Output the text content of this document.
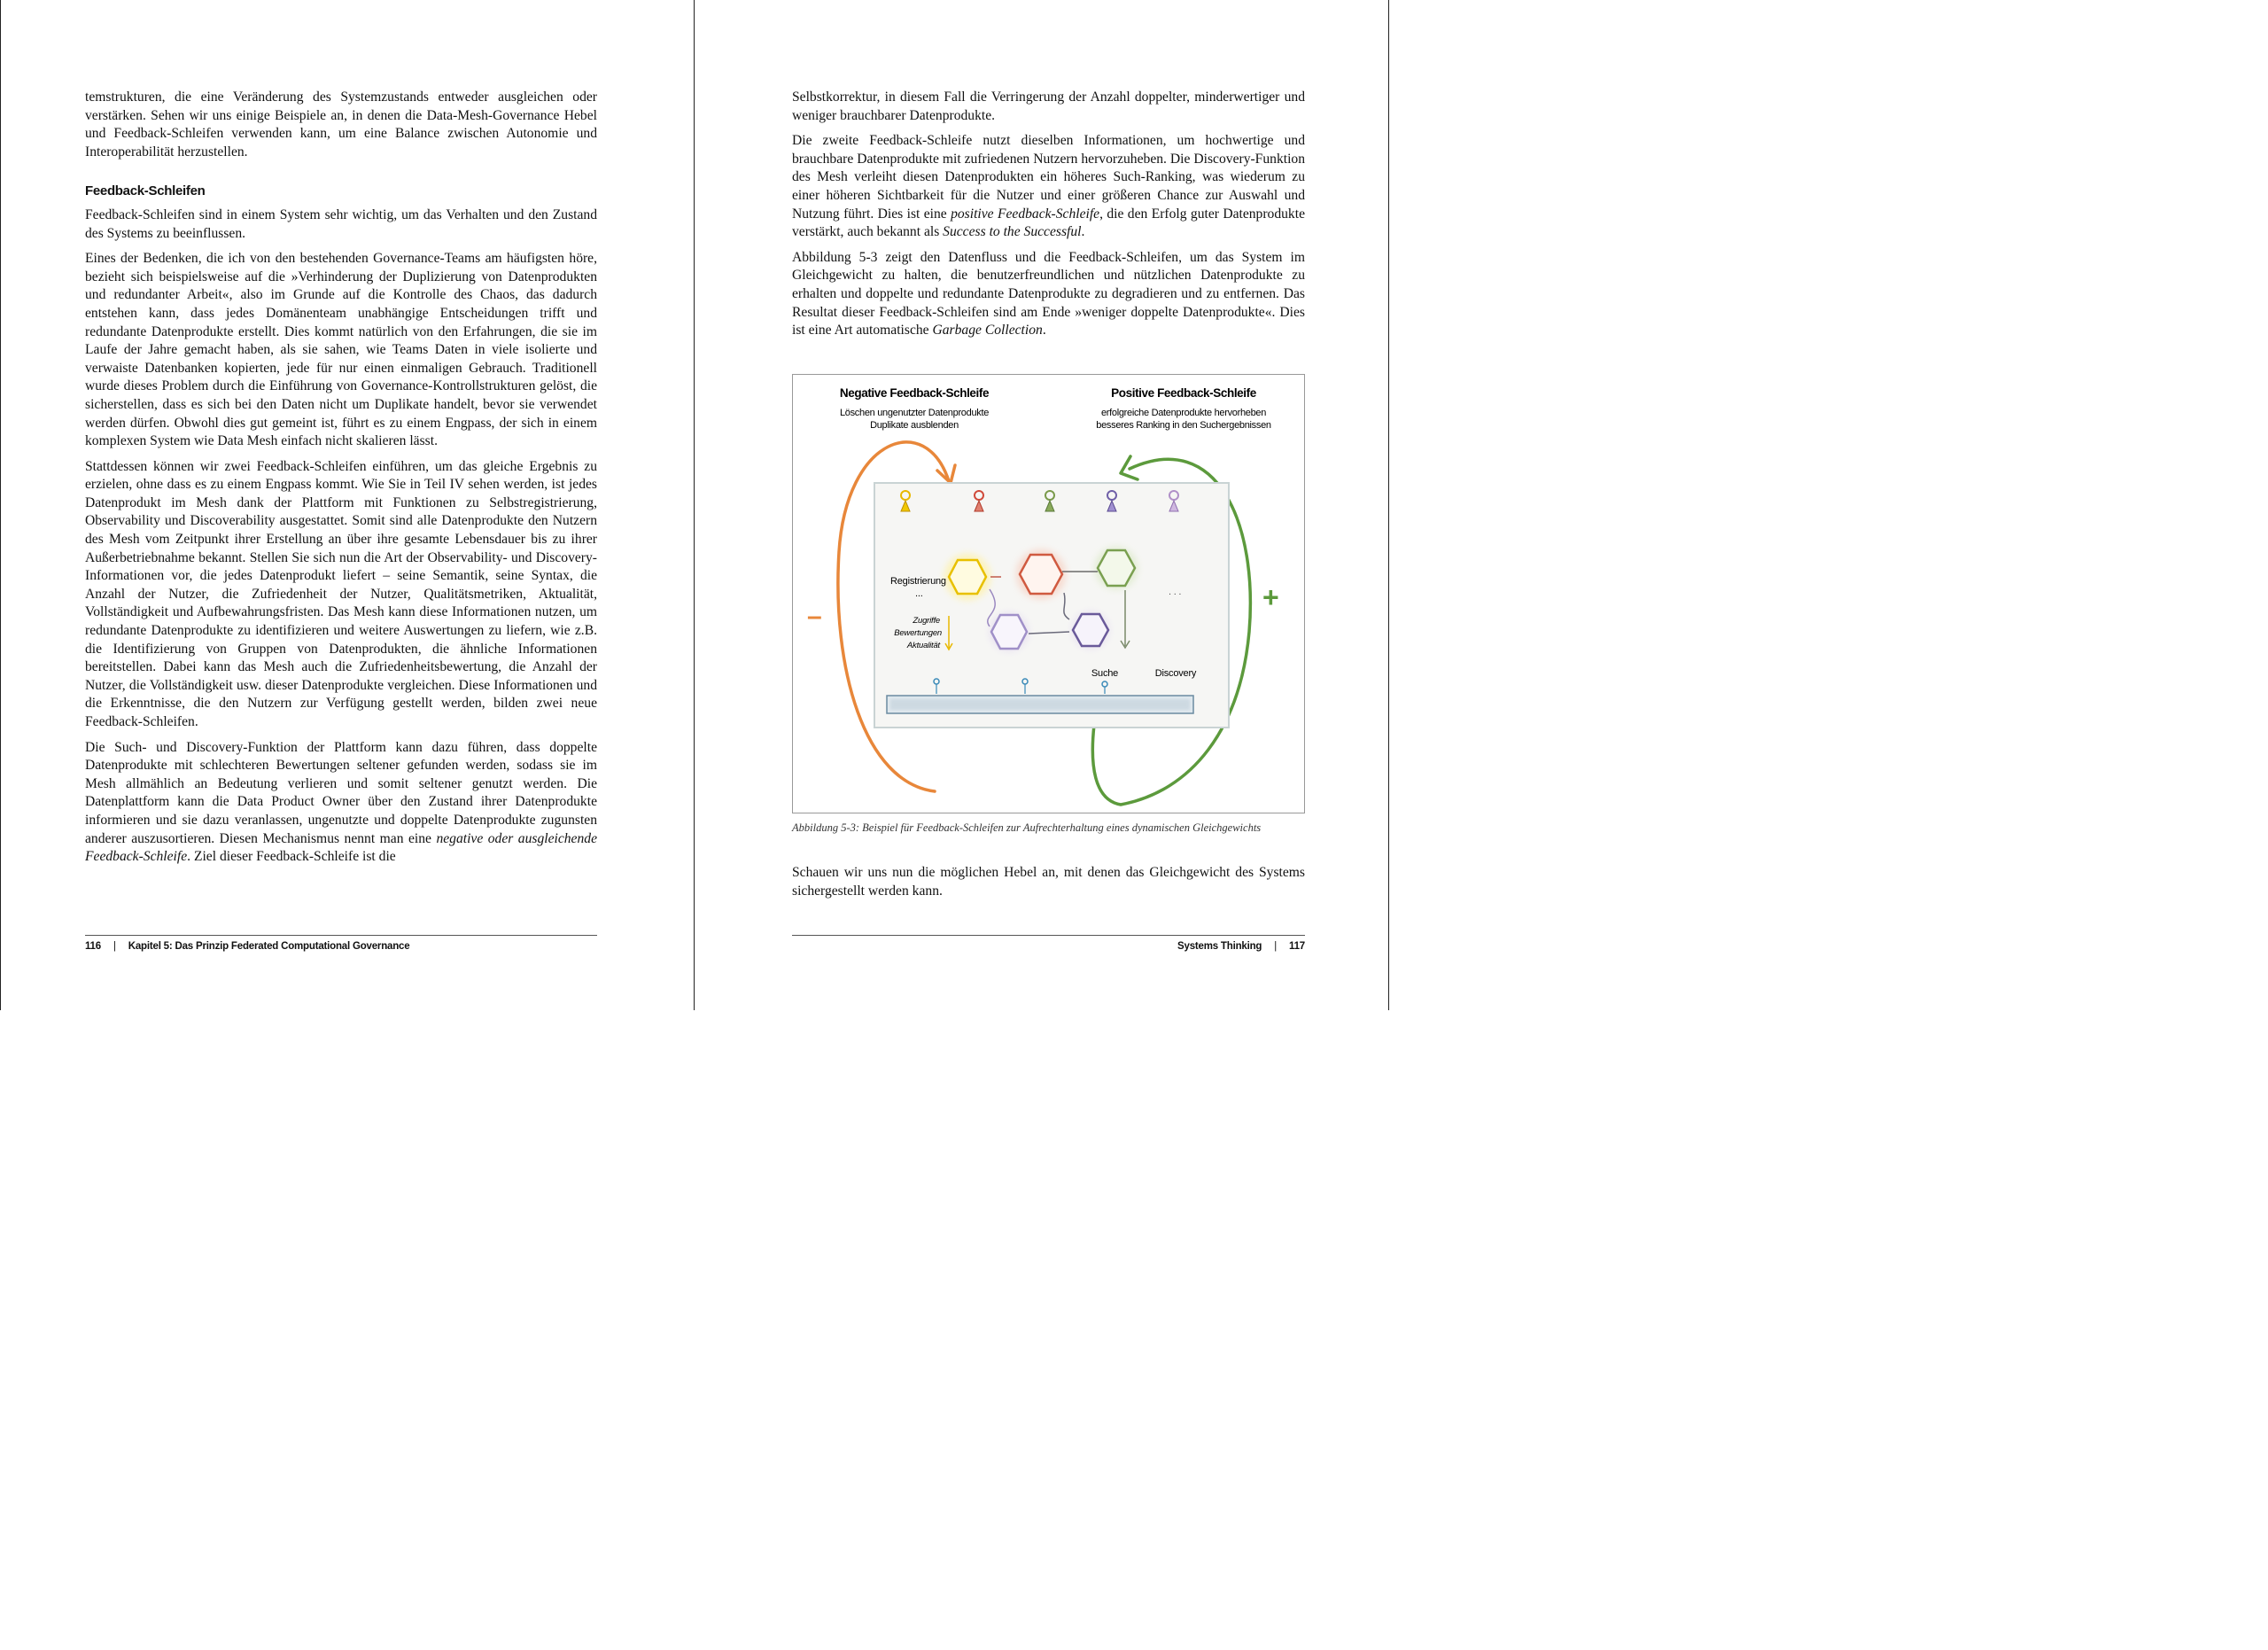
temstrukturen, die eine Veränderung des Systemzustands entweder ausgleichen oder verstärken. Sehen wir uns einige Beispiele an, in denen die Data-Mesh-Governance Hebel und Feedback-Schleifen verwenden kann, um eine Balance zwischen Autonomie und Interoperabilität herzustellen.

Feedback-Schleifen

Feedback-Schleifen sind in einem System sehr wichtig, um das Verhalten und den Zustand des Systems zu beeinflussen.

Eines der Bedenken, die ich von den bestehenden Governance-Teams am häufigsten höre, bezieht sich beispielsweise auf die »Verhinderung der Duplizierung von Datenprodukten und redundanter Arbeit«, also im Grunde auf die Kontrolle des Chaos, das dadurch entstehen kann, dass jedes Domänenteam unabhängige Entscheidungen trifft und redundante Datenprodukte erstellt. Dies kommt natürlich von den Erfahrungen, die sie im Laufe der Jahre gemacht haben, als sie sahen, wie Teams Daten in viele isolierte und verwaiste Datenbanken kopierten, jede für nur einen einmaligen Gebrauch. Traditionell wurde dieses Problem durch die Einführung von Governance-Kontrollstrukturen gelöst, die sicherstellen, dass es sich bei den Daten nicht um Duplikate handelt, bevor sie verwendet werden dürfen. Obwohl dies gut gemeint ist, führt es zu einem Engpass, der sich in einem komplexen System wie Data Mesh einfach nicht skalieren lässt.

Stattdessen können wir zwei Feedback-Schleifen einführen, um das gleiche Ergebnis zu erzielen, ohne dass es zu einem Engpass kommt. Wie Sie in Teil IV sehen werden, ist jedes Datenprodukt im Mesh dank der Plattform mit Funktionen zu Selbstregistrierung, Observability und Discoverability ausgestattet. Somit sind alle Datenprodukte den Nutzern des Mesh vom Zeitpunkt ihrer Erstellung an über ihre gesamte Lebensdauer bis zu ihrer Außerbetriebnahme bekannt. Stellen Sie sich nun die Art der Observability- und Discovery-Informationen vor, die jedes Datenprodukt liefert – seine Semantik, seine Syntax, die Anzahl der Nutzer, die Zufriedenheit der Nutzer, Qualitätsmetriken, Aktualität, Vollständigkeit und Aufbewahrungsfristen. Das Mesh kann diese Informationen nutzen, um redundante Datenprodukte zu identifizieren und weitere Auswertungen zu liefern, wie z.B. die Identifizierung von Gruppen von Datenprodukten, die ähnliche Informationen bereitstellen. Dabei kann das Mesh auch die Zufriedenheitsbewertung, die Anzahl der Nutzer, die Vollständigkeit usw. dieser Datenprodukte vergleichen. Diese Informationen und die Erkenntnisse, die den Nutzern zur Verfügung gestellt werden, bilden zwei neue Feedback-Schleifen.

Die Such- und Discovery-Funktion der Plattform kann dazu führen, dass doppelte Datenprodukte mit schlechteren Bewertungen seltener gefunden werden, sodass sie im Mesh allmählich an Bedeutung verlieren und somit seltener genutzt werden. Die Datenplattform kann die Data Product Owner über den Zustand ihrer Datenprodukte informieren und sie dazu veranlassen, ungenutzte und doppelte Datenprodukte zugunsten anderer auszusortieren. Diesen Mechanismus nennt man eine negative oder ausgleichende Feedback-Schleife. Ziel dieser Feedback-Schleife ist die

116 | Kapitel 5: Das Prinzip Federated Computational Governance

Selbstkorrektur, in diesem Fall die Verringerung der Anzahl doppelter, minderwertiger und weniger brauchbarer Datenprodukte.

Die zweite Feedback-Schleife nutzt dieselben Informationen, um hochwertige und brauchbare Datenprodukte mit zufriedenen Nutzern hervorzuheben. Die Discovery-Funktion des Mesh verleiht diesen Datenprodukten ein höheres Such-Ranking, was wiederum zu einer höheren Sichtbarkeit für die Nutzer und einer größeren Chance zur Auswahl und Nutzung führt. Dies ist eine positive Feedback-Schleife, die den Erfolg guter Datenprodukte verstärkt, auch bekannt als Success to the Successful.

Abbildung 5-3 zeigt den Datenfluss und die Feedback-Schleifen, um das System im Gleichgewicht zu halten, die benutzerfreundlichen und nützlichen Datenprodukte zu erhalten und doppelte und redundante Datenprodukte zu degradieren und zu entfernen. Das Resultat dieser Feedback-Schleifen sind am Ende »weniger doppelte Datenprodukte«. Dies ist eine Art automatische Garbage Collection.

Negative Feedback-Schleife
Löschen ungenutzter Datenprodukte
Duplikate ausblenden
Positive Feedback-Schleife
erfolgreiche Datenprodukte hervorheben
besseres Ranking in den Suchergebnissen
–
+
. . .
Registrierung
...
Zugriffe
Bewertungen
Aktualität
Suche	Discovery
Abbildung 5-3: Beispiel für Feedback-Schleifen zur Aufrechterhaltung eines dynamischen Gleichgewichts

Schauen wir uns nun die möglichen Hebel an, mit denen das Gleichgewicht des Systems sichergestellt werden kann.

Systems Thinking | 117
